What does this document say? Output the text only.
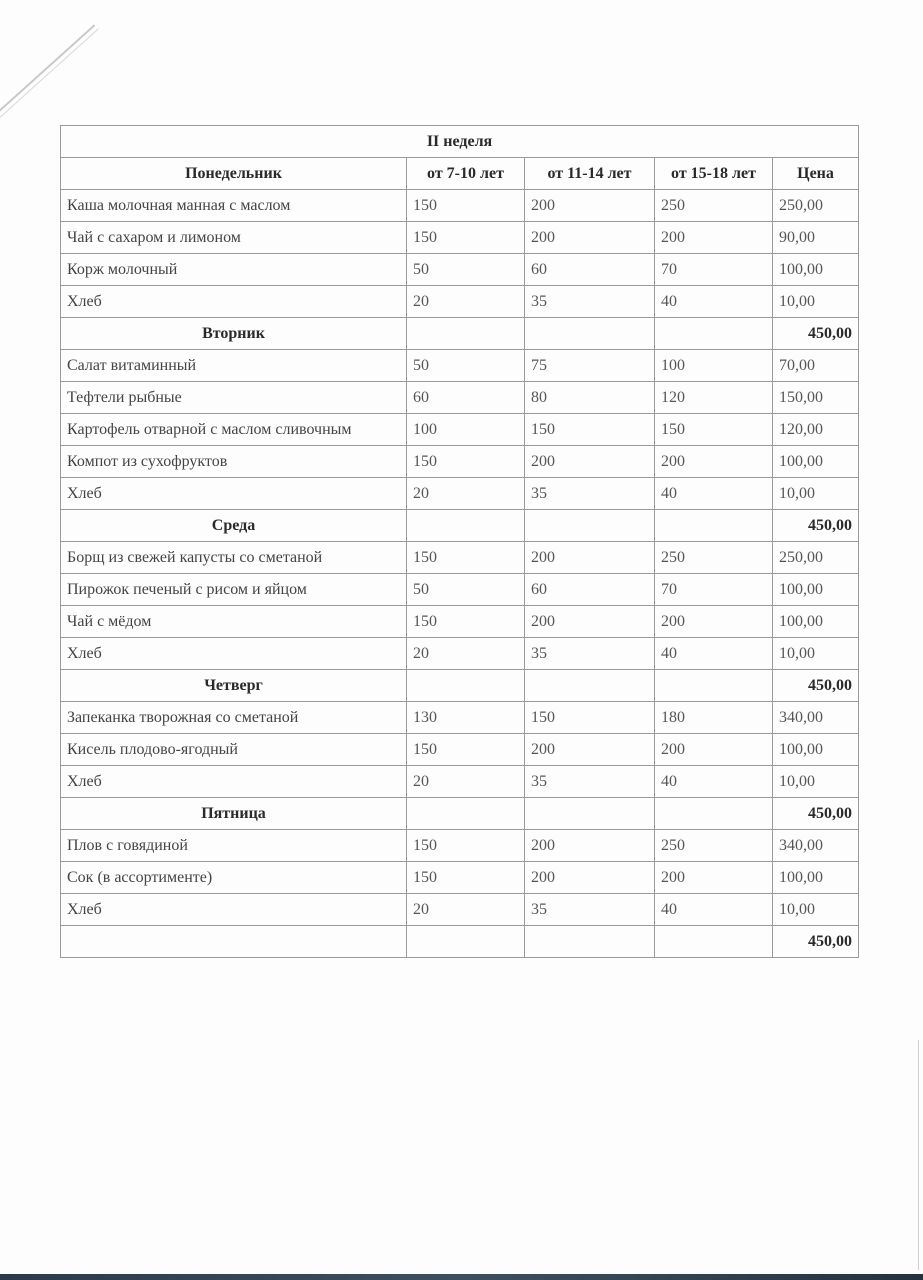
II неделя				
Понедельник	от 7-10 лет	от 11-14 лет	от 15-18 лет	Цена
Каша молочная манная с маслом	150	200	250	250,00
Чай с сахаром и лимоном	150	200	200	90,00
Корж молочный	50	60	70	100,00
Хлеб	20	35	40	10,00
Вторник				450,00
Салат витаминный	50	75	100	70,00
Тефтели рыбные	60	80	120	150,00
Картофель отварной с маслом сливочным	100	150	150	120,00
Компот из сухофруктов	150	200	200	100,00
Хлеб	20	35	40	10,00
Среда				450,00
Борщ из свежей капусты со сметаной	150	200	250	250,00
Пирожок печеный с рисом и яйцом	50	60	70	100,00
Чай с мёдом	150	200	200	100,00
Хлеб	20	35	40	10,00
Четверг				450,00
Запеканка творожная со сметаной	130	150	180	340,00
Кисель плодово-ягодный	150	200	200	100,00
Хлеб	20	35	40	10,00
Пятница				450,00
Плов с говядиной	150	200	250	340,00
Сок (в ассортименте)	150	200	200	100,00
Хлеб	20	35	40	10,00
				450,00
